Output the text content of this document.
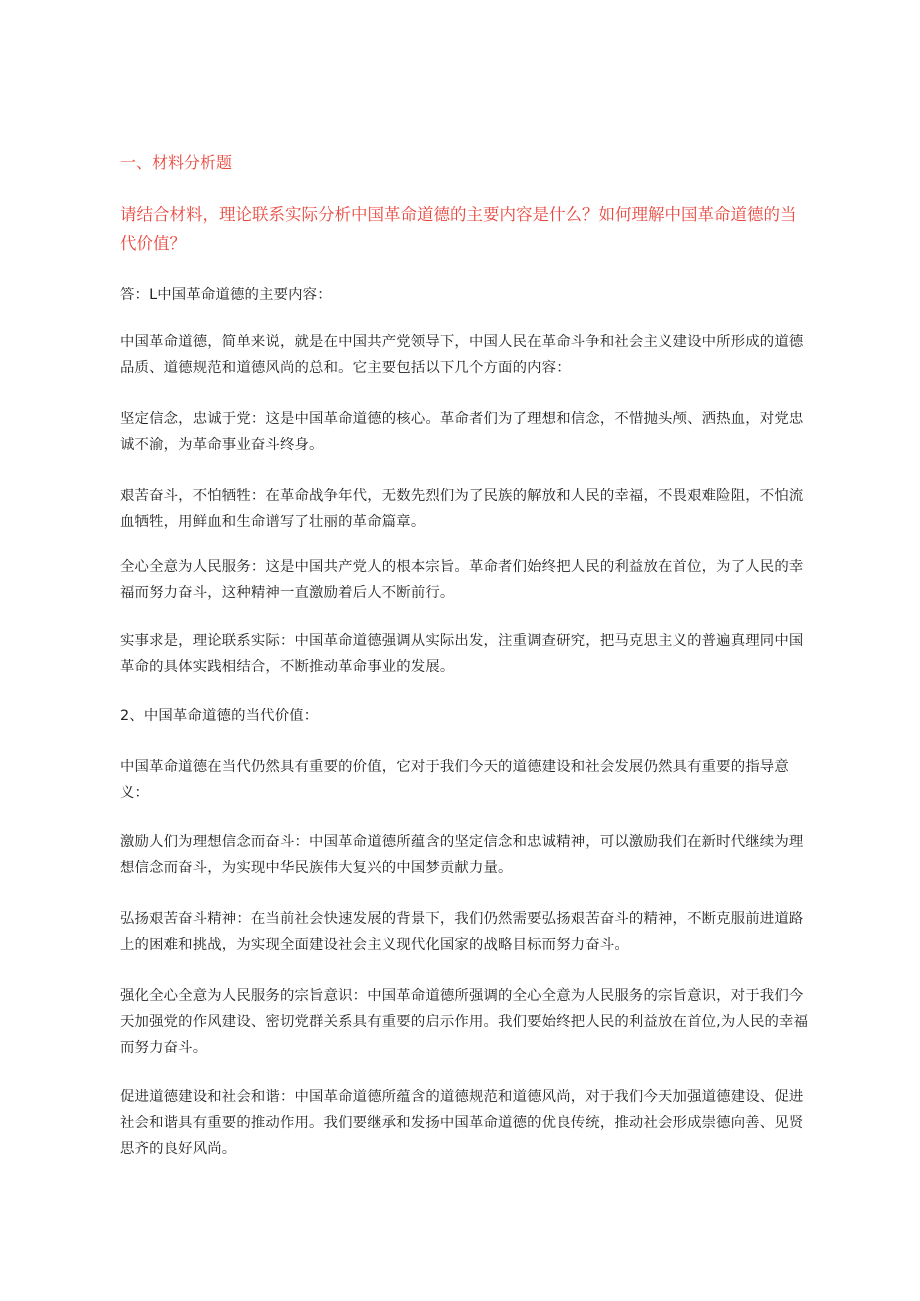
一、材料分析题
请结合材料，理论联系实际分析中国革命道德的主要内容是什么？如何理解中国革命道德的当代价值？

答：L中国革命道德的主要内容：

中国革命道德，简单来说，就是在中国共产党领导下，中国人民在革命斗争和社会主义建设中所形成的道德品质、道德规范和道德风尚的总和。它主要包括以下几个方面的内容：

坚定信念，忠诚于党：这是中国革命道德的核心。革命者们为了理想和信念，不惜抛头颅、洒热血，对党忠诚不渝，为革命事业奋斗终身。

艰苦奋斗，不怕牺牲：在革命战争年代，无数先烈们为了民族的解放和人民的幸福，不畏艰难险阻，不怕流血牺牲，用鲜血和生命谱写了壮丽的革命篇章。

全心全意为人民服务：这是中国共产党人的根本宗旨。革命者们始终把人民的利益放在首位，为了人民的幸福而努力奋斗，这种精神一直激励着后人不断前行。

实事求是，理论联系实际：中国革命道德强调从实际出发，注重调查研究，把马克思主义的普遍真理同中国革命的具体实践相结合，不断推动革命事业的发展。

2、中国革命道德的当代价值：

中国革命道德在当代仍然具有重要的价值，它对于我们今天的道德建设和社会发展仍然具有重要的指导意义：

激励人们为理想信念而奋斗：中国革命道德所蕴含的坚定信念和忠诚精神，可以激励我们在新时代继续为理想信念而奋斗，为实现中华民族伟大复兴的中国梦贡献力量。

弘扬艰苦奋斗精神：在当前社会快速发展的背景下，我们仍然需要弘扬艰苦奋斗的精神，不断克服前进道路上的困难和挑战，为实现全面建设社会主义现代化国家的战略目标而努力奋斗。

强化全心全意为人民服务的宗旨意识：中国革命道德所强调的全心全意为人民服务的宗旨意识，对于我们今天加强党的作风建设、密切党群关系具有重要的启示作用。我们要始终把人民的利益放在首位,为人民的幸福而努力奋斗。

促进道德建设和社会和谐：中国革命道德所蕴含的道德规范和道德风尚，对于我们今天加强道德建设、促进社会和谐具有重要的推动作用。我们要继承和发扬中国革命道德的优良传统，推动社会形成崇德向善、见贤思齐的良好风尚。
